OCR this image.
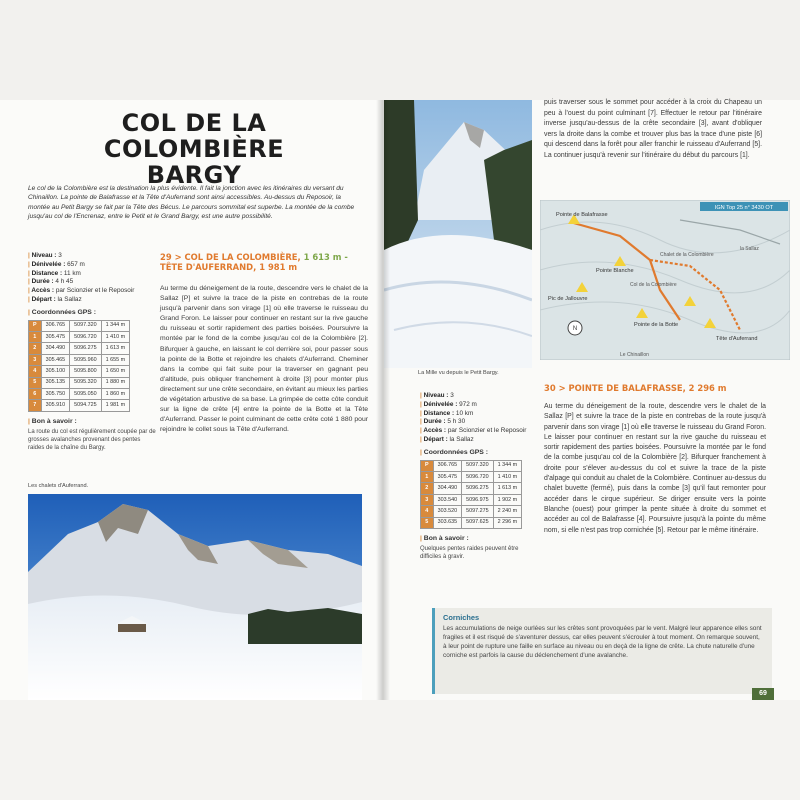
COL DE LA COLOMBIÈRE
BARGY
Le col de la Colombière est la destination la plus évidente. Il fait la jonction avec les itinéraires du versant du Chinaillon. La pointe de Balafrasse et la Tête d'Auferrand sont ainsi accessibles. Au-dessus du Reposoir, la montée au Petit Bargy se fait par la Tête des Bécus. Le parcours sommital est superbe. La montée de la combe jusqu'au col de l'Encrenaz, entre le Petit et le Grand Bargy, est une autre possibilité.
| Niveau : 3
| Dénivelée : 657 m
| Distance : 11 km
| Durée : 4 h 45
| Accès : par Scionzier et le Reposoir
| Départ : la Sallaz
| Coordonnées GPS :
P	306.765	5097.320	1 344 m
1	305.475	5096.720	1 410 m
2	304.490	5096.275	1 613 m
3	305.465	5095.960	1 655 m
4	305.100	5095.800	1 650 m
5	305.135	5095.320	1 880 m
6	305.750	5095.050	1 860 m
7	305.910	5094.725	1 981 m
| Bon à savoir :
La route du col est régulièrement coupée par de grosses avalanches provenant des pentes raides de la chaîne du Bargy.
29 > COL DE LA COLOMBIÈRE, 1 613 m -
TÊTE D'AUFERRAND, 1 981 m
Au terme du déneigement de la route, descendre vers le chalet de la Sallaz [P] et suivre la trace de la piste en contrebas de la route jusqu'à parvenir dans son virage [1] où elle traverse le ruisseau du Grand Foron. Le laisser pour continuer en restant sur la rive gauche du ruisseau et sortir rapidement des parties boisées. Poursuivre la montée par le fond de la combe jusqu'au col de la Colombière [2]. Bifurquer à gauche, en laissant le col derrière soi, pour passer sous la pointe de la Botte et rejoindre les chalets d'Auferrand. Cheminer dans la combe qui fait suite pour la traverser en gagnant peu d'altitude, puis obliquer franchement à droite [3] pour monter plus directement sur une crête secondaire, en évitant au mieux les parties de végétation arbustive de sa base. La grimpée de cette côte conduit sur la ligne de crête [4] entre la pointe de la Botte et la Tête d'Auferrand. Passer le point culminant de cette crête coté 1 880 pour rejoindre le collet sous la Tête d'Auferrand.
Les chalets d'Auferrand.
La Mille vu depuis le Petit Bargy.
puis traverser sous le sommet pour accéder à la croix du Chapeau un peu à l'ouest du point culminant [7]. Effectuer le retour par l'itinéraire inverse jusqu'au-dessus de la crête secondaire [3], avant d'obliquer vers la droite dans la combe et trouver plus bas la trace d'une piste [6] qui descend dans la forêt pour aller franchir le ruisseau d'Auferrand [5]. La continuer jusqu'à revenir sur l'itinéraire du début du parcours [1].
N
IGN Top 25 n° 3430 OT
Pointe de Balafrasse
Pointe Blanche
Pic de Jallouvre
Col de la Colombière
Pointe de la Botte
Tête d'Auferrand
Le Chinaillon
Chalet de la Colombière
la Sallaz
| Niveau : 3
| Dénivelée : 972 m
| Distance : 10 km
| Durée : 5 h 30
| Accès : par Scionzier et le Reposoir
| Départ : la Sallaz
| Coordonnées GPS :
P	306.765	5097.320	1 344 m
1	305.475	5096.720	1 410 m
2	304.490	5096.275	1 613 m
3	303.540	5096.975	1 902 m
4	303.520	5097.275	2 240 m
5	303.635	5097.625	2 296 m
| Bon à savoir :
Quelques pentes raides peuvent être difficiles à gravir.
30 > POINTE DE BALAFRASSE, 2 296 m
Au terme du déneigement de la route, descendre vers le chalet de la Sallaz [P] et suivre la trace de la piste en contrebas de la route jusqu'à parvenir dans son virage [1] où elle traverse le ruisseau du Grand Foron. Le laisser pour continuer en restant sur la rive gauche du ruisseau et sortir rapidement des parties boisées. Poursuivre la montée par le fond de la combe jusqu'au col de la Colombière [2]. Bifurquer franchement à droite pour s'élever au-dessus du col et suivre la trace de la piste d'alpage qui conduit au chalet de la Colombière. Continuer au-dessus du chalet buvette (fermé), puis dans la combe [3] qu'il faut remonter pour accéder dans le cirque supérieur. Se diriger ensuite vers la pointe Blanche (ouest) pour grimper la pente située à droite du sommet et accéder au col de Balafrasse [4]. Poursuivre jusqu'à la pointe du même nom, si elle n'est pas trop cornichée [5]. Retour par le même itinéraire.
Corniches
Les accumulations de neige ourlées sur les crêtes sont provoquées par le vent. Malgré leur apparence elles sont fragiles et il est risqué de s'aventurer dessus, car elles peuvent s'écrouler à tout moment. On remarque souvent, à leur point de rupture une faille en surface au niveau ou en deçà de la ligne de crête. La chute naturelle d'une corniche est parfois la cause du déclenchement d'une avalanche.
69
